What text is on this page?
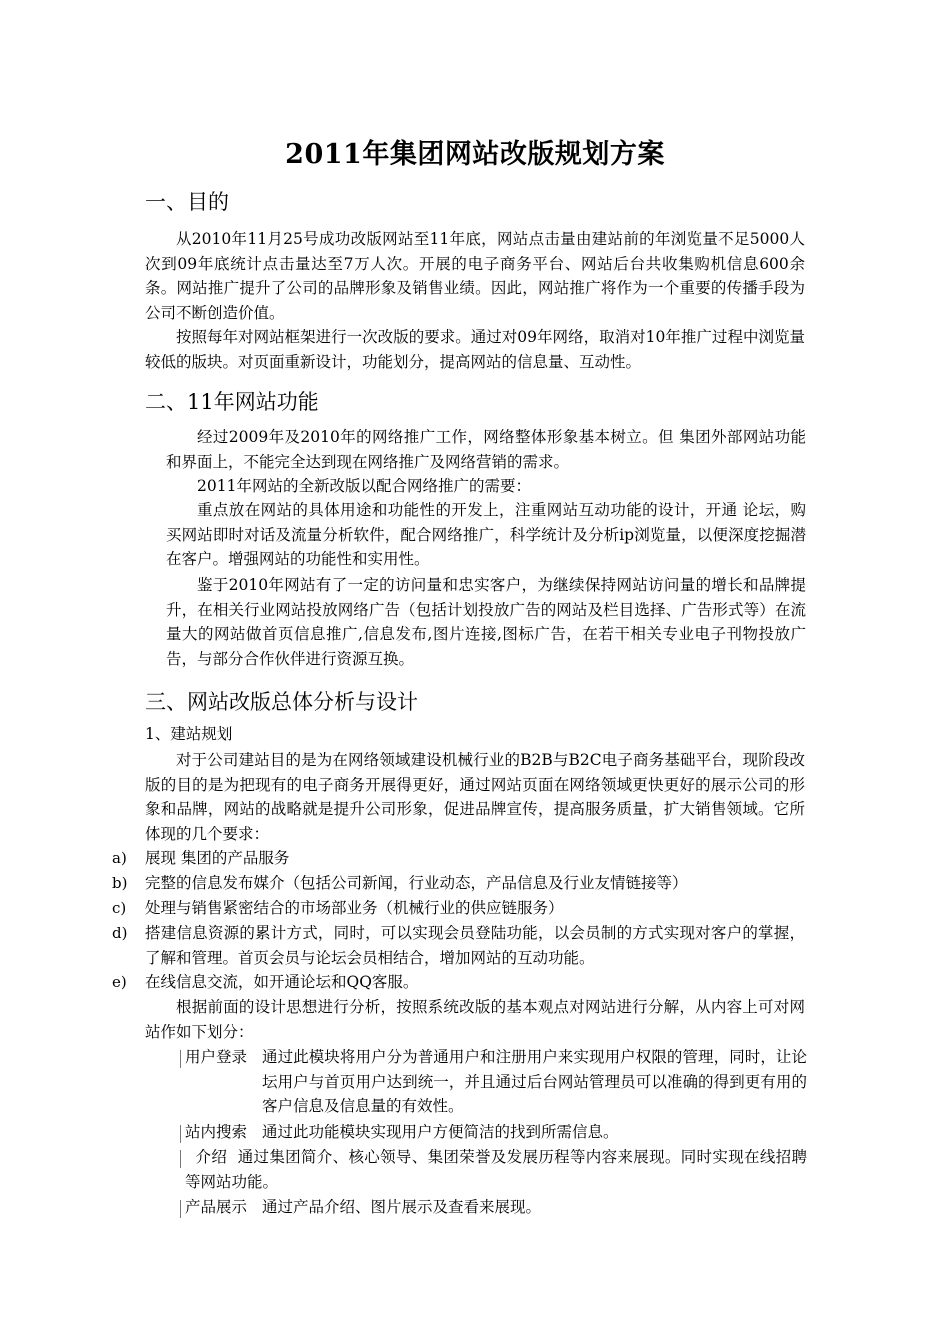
2011年集团网站改版规划方案
一、目的
从2010年11月25号成功改版网站至11年底，网站点击量由建站前的年浏览量不足5000人次到09年底统计点击量达至7万人次。开展的电子商务平台、网站后台共收集购机信息600余条。网站推广提升了公司的品牌形象及销售业绩。因此，网站推广将作为一个重要的传播手段为公司不断创造价值。
按照每年对网站框架进行一次改版的要求。通过对09年网络，取消对10年推广过程中浏览量较低的版块。对页面重新设计，功能划分，提高网站的信息量、互动性。
二、11年网站功能
经过2009年及2010年的网络推广工作，网络整体形象基本树立。但 集团外部网站功能和界面上，不能完全达到现在网络推广及网络营销的需求。
2011年网站的全新改版以配合网络推广的需要：
重点放在网站的具体用途和功能性的开发上，注重网站互动功能的设计，开通 论坛，购买网站即时对话及流量分析软件，配合网络推广，科学统计及分析ip浏览量，以便深度挖掘潜在客户。增强网站的功能性和实用性。
鉴于2010年网站有了一定的访问量和忠实客户，为继续保持网站访问量的增长和品牌提升，在相关行业网站投放网络广告（包括计划投放广告的网站及栏目选择、广告形式等）在流量大的网站做首页信息推广,信息发布,图片连接,图标广告，在若干相关专业电子刊物投放广告，与部分合作伙伴进行资源互换。
三、网站改版总体分析与设计
1、建站规划
对于公司建站目的是为在网络领域建设机械行业的B2B与B2C电子商务基础平台，现阶段改版的目的是为把现有的电子商务开展得更好，通过网站页面在网络领域更快更好的展示公司的形象和品牌，网站的战略就是提升公司形象，促进品牌宣传，提高服务质量，扩大销售领域。它所体现的几个要求：
a) 展现 集团的产品服务
b) 完整的信息发布媒介（包括公司新闻，行业动态，产品信息及行业友情链接等）
c) 处理与销售紧密结合的市场部业务（机械行业的供应链服务）
d) 搭建信息资源的累计方式，同时，可以实现会员登陆功能，以会员制的方式实现对客户的掌握，了解和管理。首页会员与论坛会员相结合，增加网站的互动功能。
e) 在线信息交流，如开通论坛和QQ客服。
根据前面的设计思想进行分析，按照系统改版的基本观点对网站进行分解，从内容上可对网站作如下划分：
用户登录 通过此模块将用户分为普通用户和注册用户来实现用户权限的管理，同时，让论坛用户与首页用户达到统一，并且通过后台网站管理员可以准确的得到更有用的客户信息及信息量的有效性。
站内搜索 通过此功能模块实现用户方便简洁的找到所需信息。
介绍 通过集团简介、核心领导、集团荣誉及发展历程等内容来展现。同时实现在线招聘等网站功能。
产品展示 通过产品介绍、图片展示及查看来展现。
